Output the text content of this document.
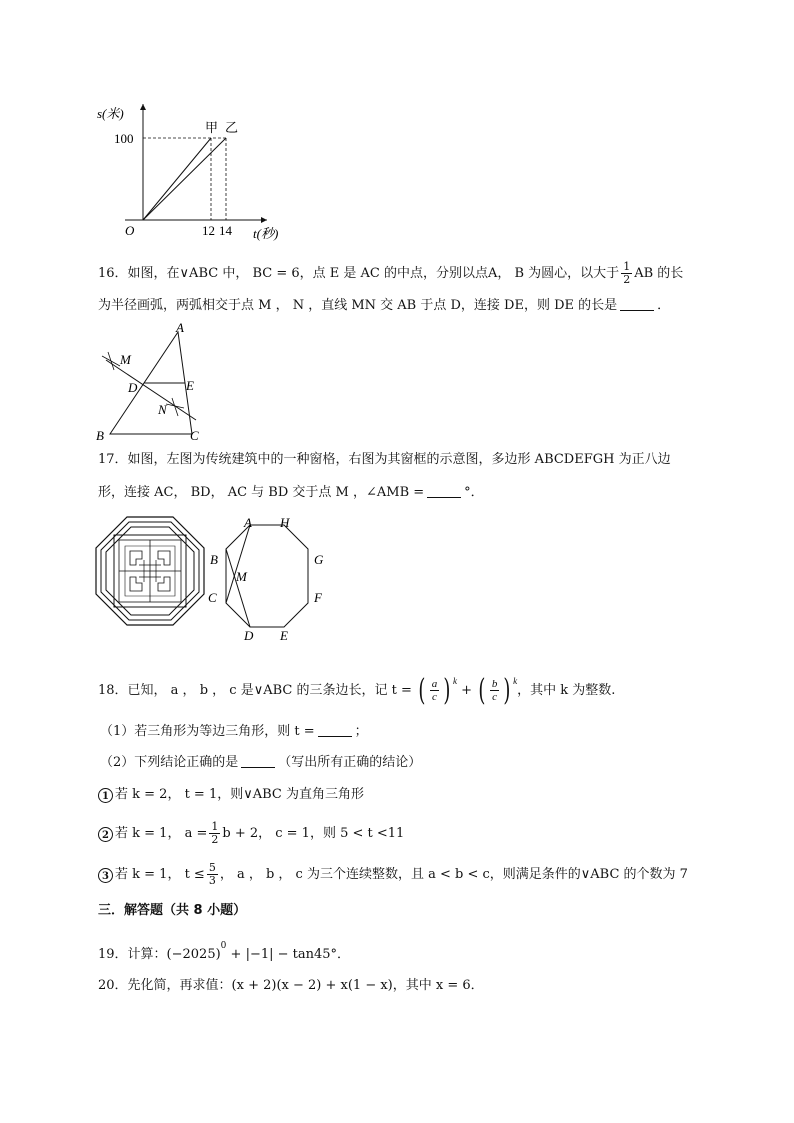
s(米)
100
O	12 14 t(秒)
甲 乙
16．如图，在∨ABC 中， BC = 6，点 E 是 AC 的中点，分别以点A， B 为圆心，以大于 $\frac{1}{2}$ AB 的长
为半径画弧，两弧相交于点 M ， N ，直线 MN 交 AB 于点 D，连接 DE，则 DE 的长是	．
A
M
D	E
N
B	C
17．如图，左图为传统建筑中的一种窗格，右图为其窗框的示意图，多边形 ABCDEFGH 为正八边
形，连接 AC， BD， AC 与 BD 交于点 M ，∠AMB =	°．
A H
B	G
M
C	F
D E
18．已知， a ， b ， c 是∨ABC 的三条边长，记 t = ( $\frac{a}{c}$ ) $^k$ + ( $\frac{b}{c}$ ) $^k$，其中 k 为整数.
（1）若三角形为等边三角形，则 t =	；
（2）下列结论正确的是	（写出所有正确的结论）
1 若 k = 2， t = 1，则∨ABC 为直角三角形
2 若 k = 1， $a = \frac{1}{2}$ b + 2， c = 1，则 5 < t <11
3 若 k = 1， $t \le \frac{5}{3}$ ， a ， b ， c 为三个连续整数，且 a < b < c，则满足条件的∨ABC 的个数为 7
三．解答题（共 8 小题）
19．计算：$(-2025)^0 + |-1| - \tan 45^\circ$．
20．先化简，再求值：(x + 2)(x − 2) + x(1 − x)，其中 x = 6．
